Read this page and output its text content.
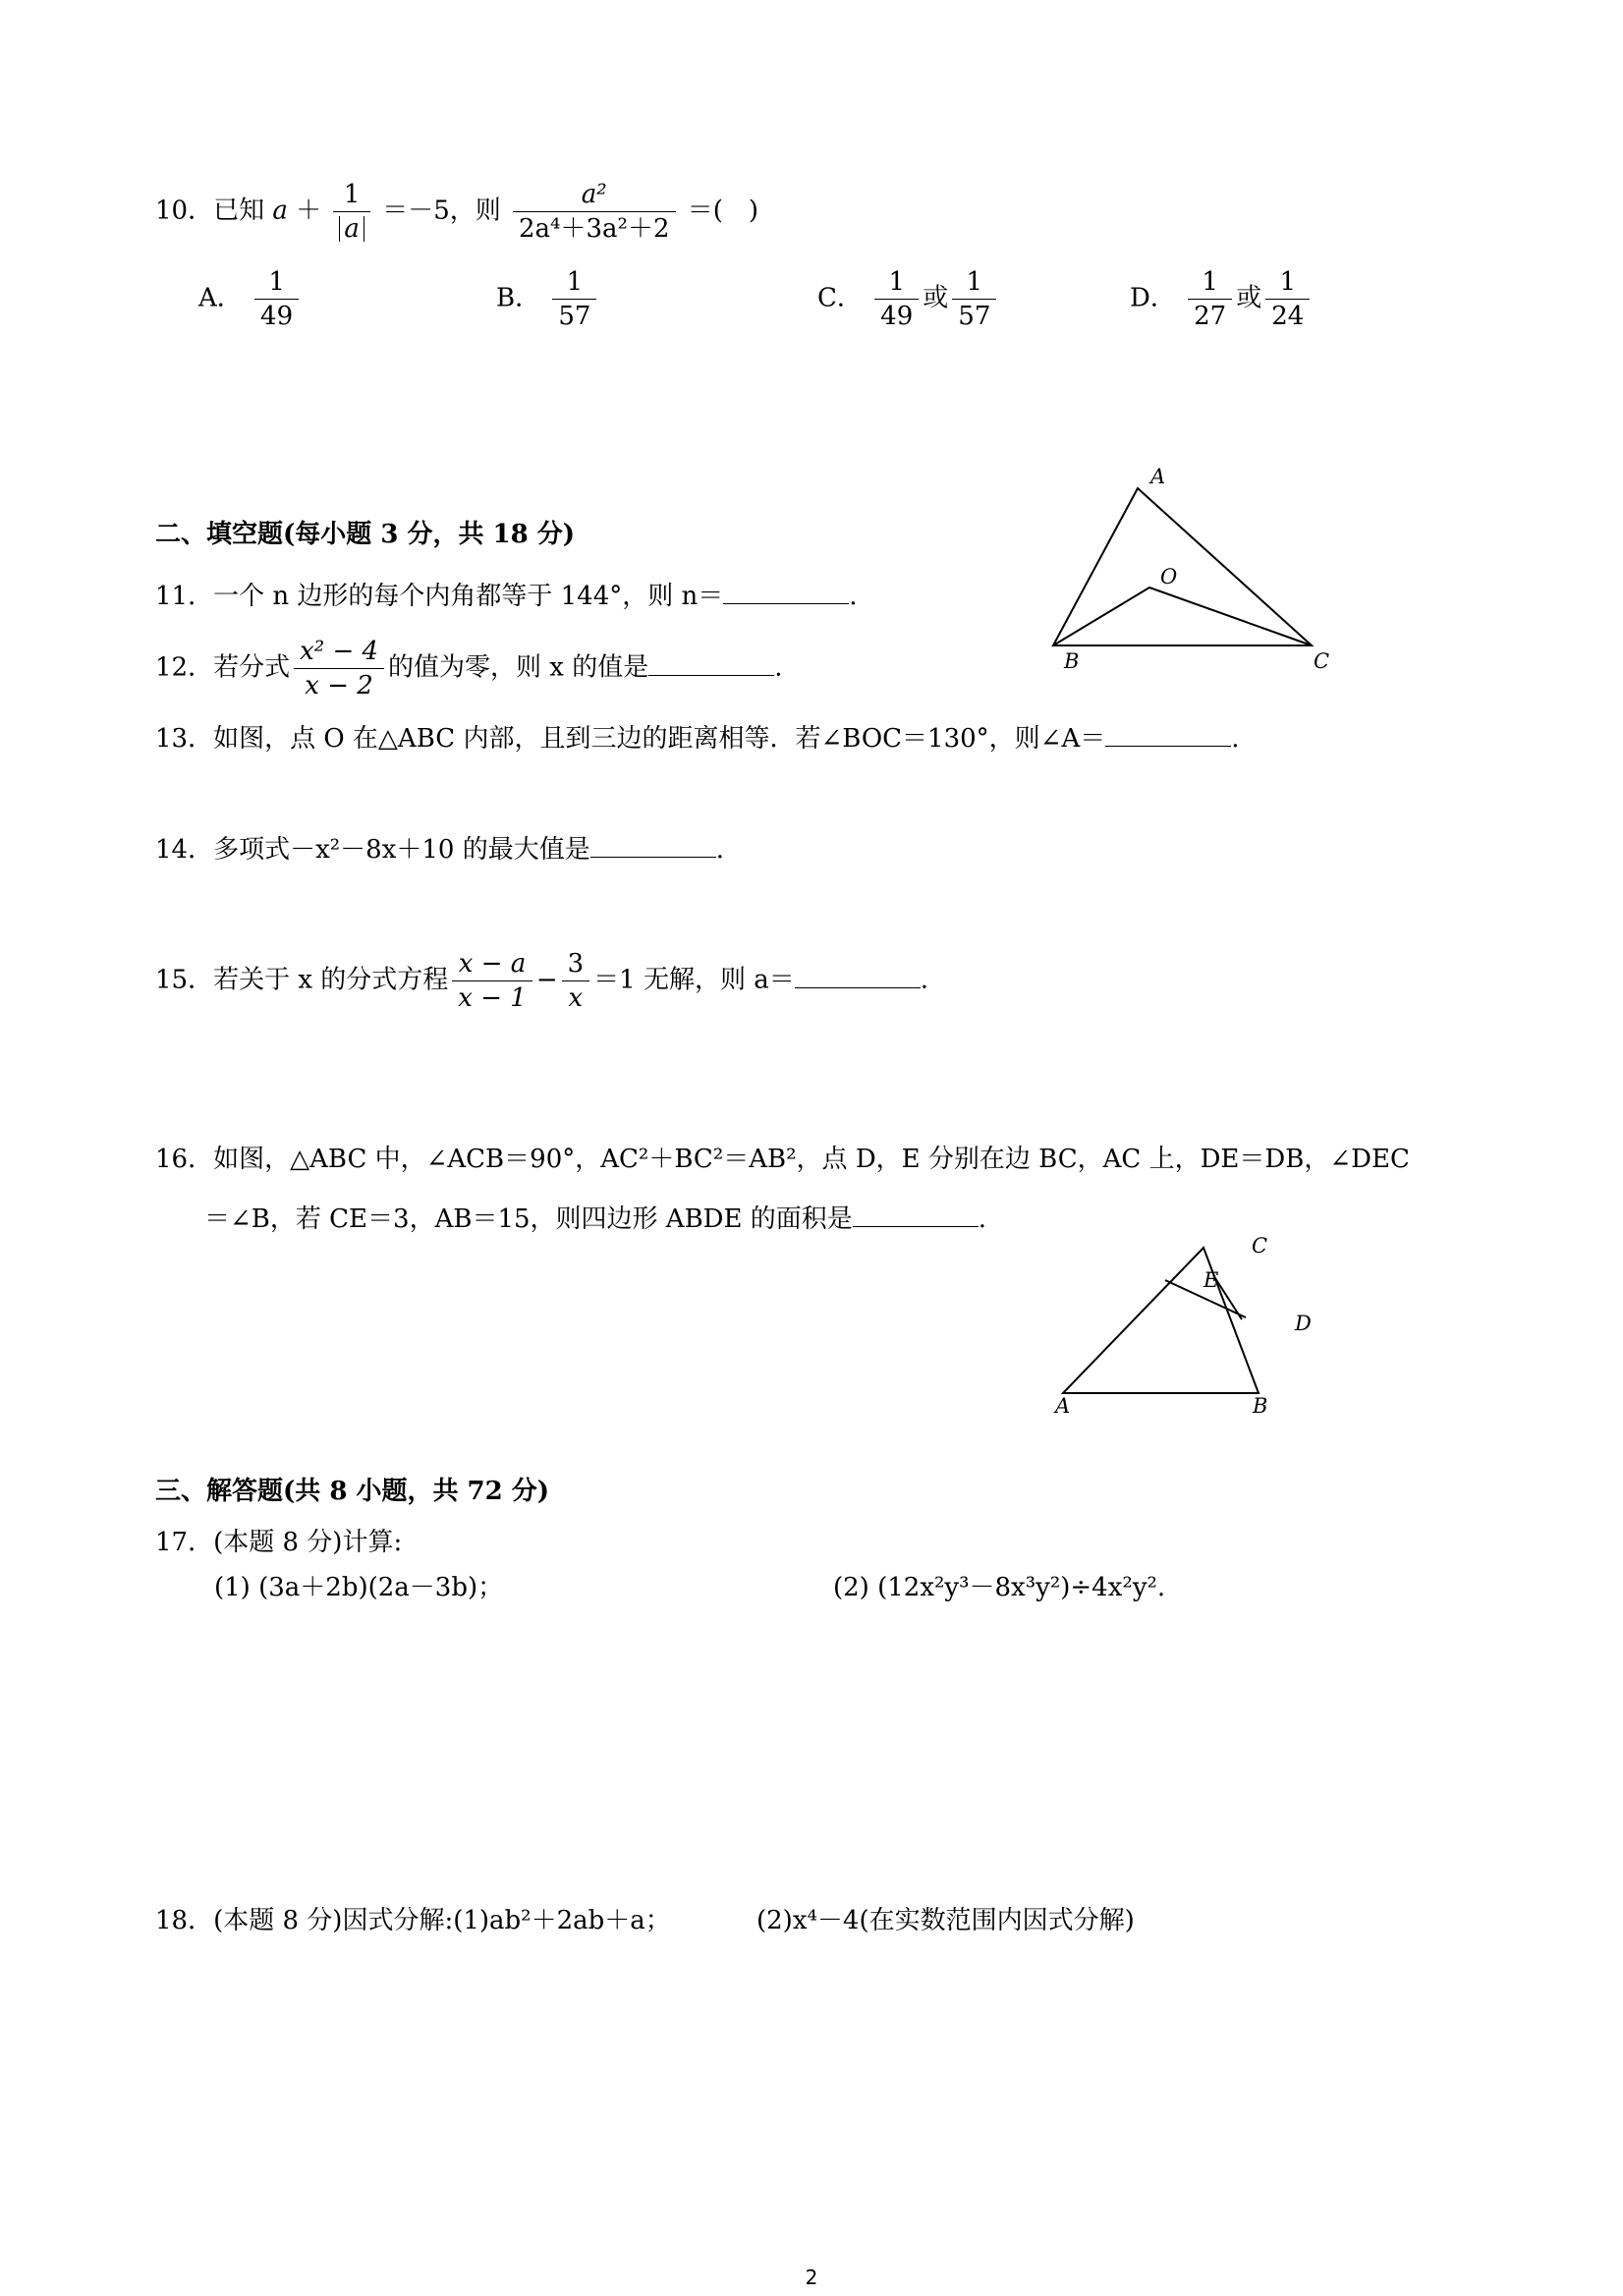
10．已知 $a + \frac{1}{a} =-5$，则 $\frac{\text{a²}}{\text{2a⁴＋3a²＋2}}$ ＝(　)
A． $\frac{1}{49}$	B． $\frac{1}{57}$	C． $\frac{1}{49}$ 或 $\frac{1}{57}$	D． $\frac{1}{27}$ 或 $\frac{1}{24}$
二、填空题(每小题 3 分，共 18 分)
11．一个 n 边形的每个内角都等于 144°，则 n＝	.
12．若分式 $\frac{\text{x² − 4}}{x - 2}$ 的值为零，则 x 的值是	.
13．如图，点 O 在△ABC 内部，且到三边的距离相等．若∠BOC＝130°，则∠A＝	.
14．多项式－x²－8x＋10 的最大值是	.
15．若关于 x 的分式方程 $\frac{x - a}{x - 1} - \frac{3}{x} =1$ 无解，则 a＝	.
16．如图，△ABC 中，∠ACB＝90°，AC²＋BC²＝AB²，点 D，E 分别在边 BC，AC 上，DE＝DB，∠DEC
＝∠B，若 CE＝3，AB＝15，则四边形 ABDE 的面积是	.
A
B	C
O
A	B
C
E
D
三、解答题(共 8 小题，共 72 分)
17．(本题 8 分)计算:
(1) (3a＋2b)(2a－3b)；	(2) (12x²y³－8x³y²)÷4x²y².
18．(本题 8 分)因式分解:(1)ab²＋2ab＋a；	(2)x⁴－4(在实数范围内因式分解)
2
